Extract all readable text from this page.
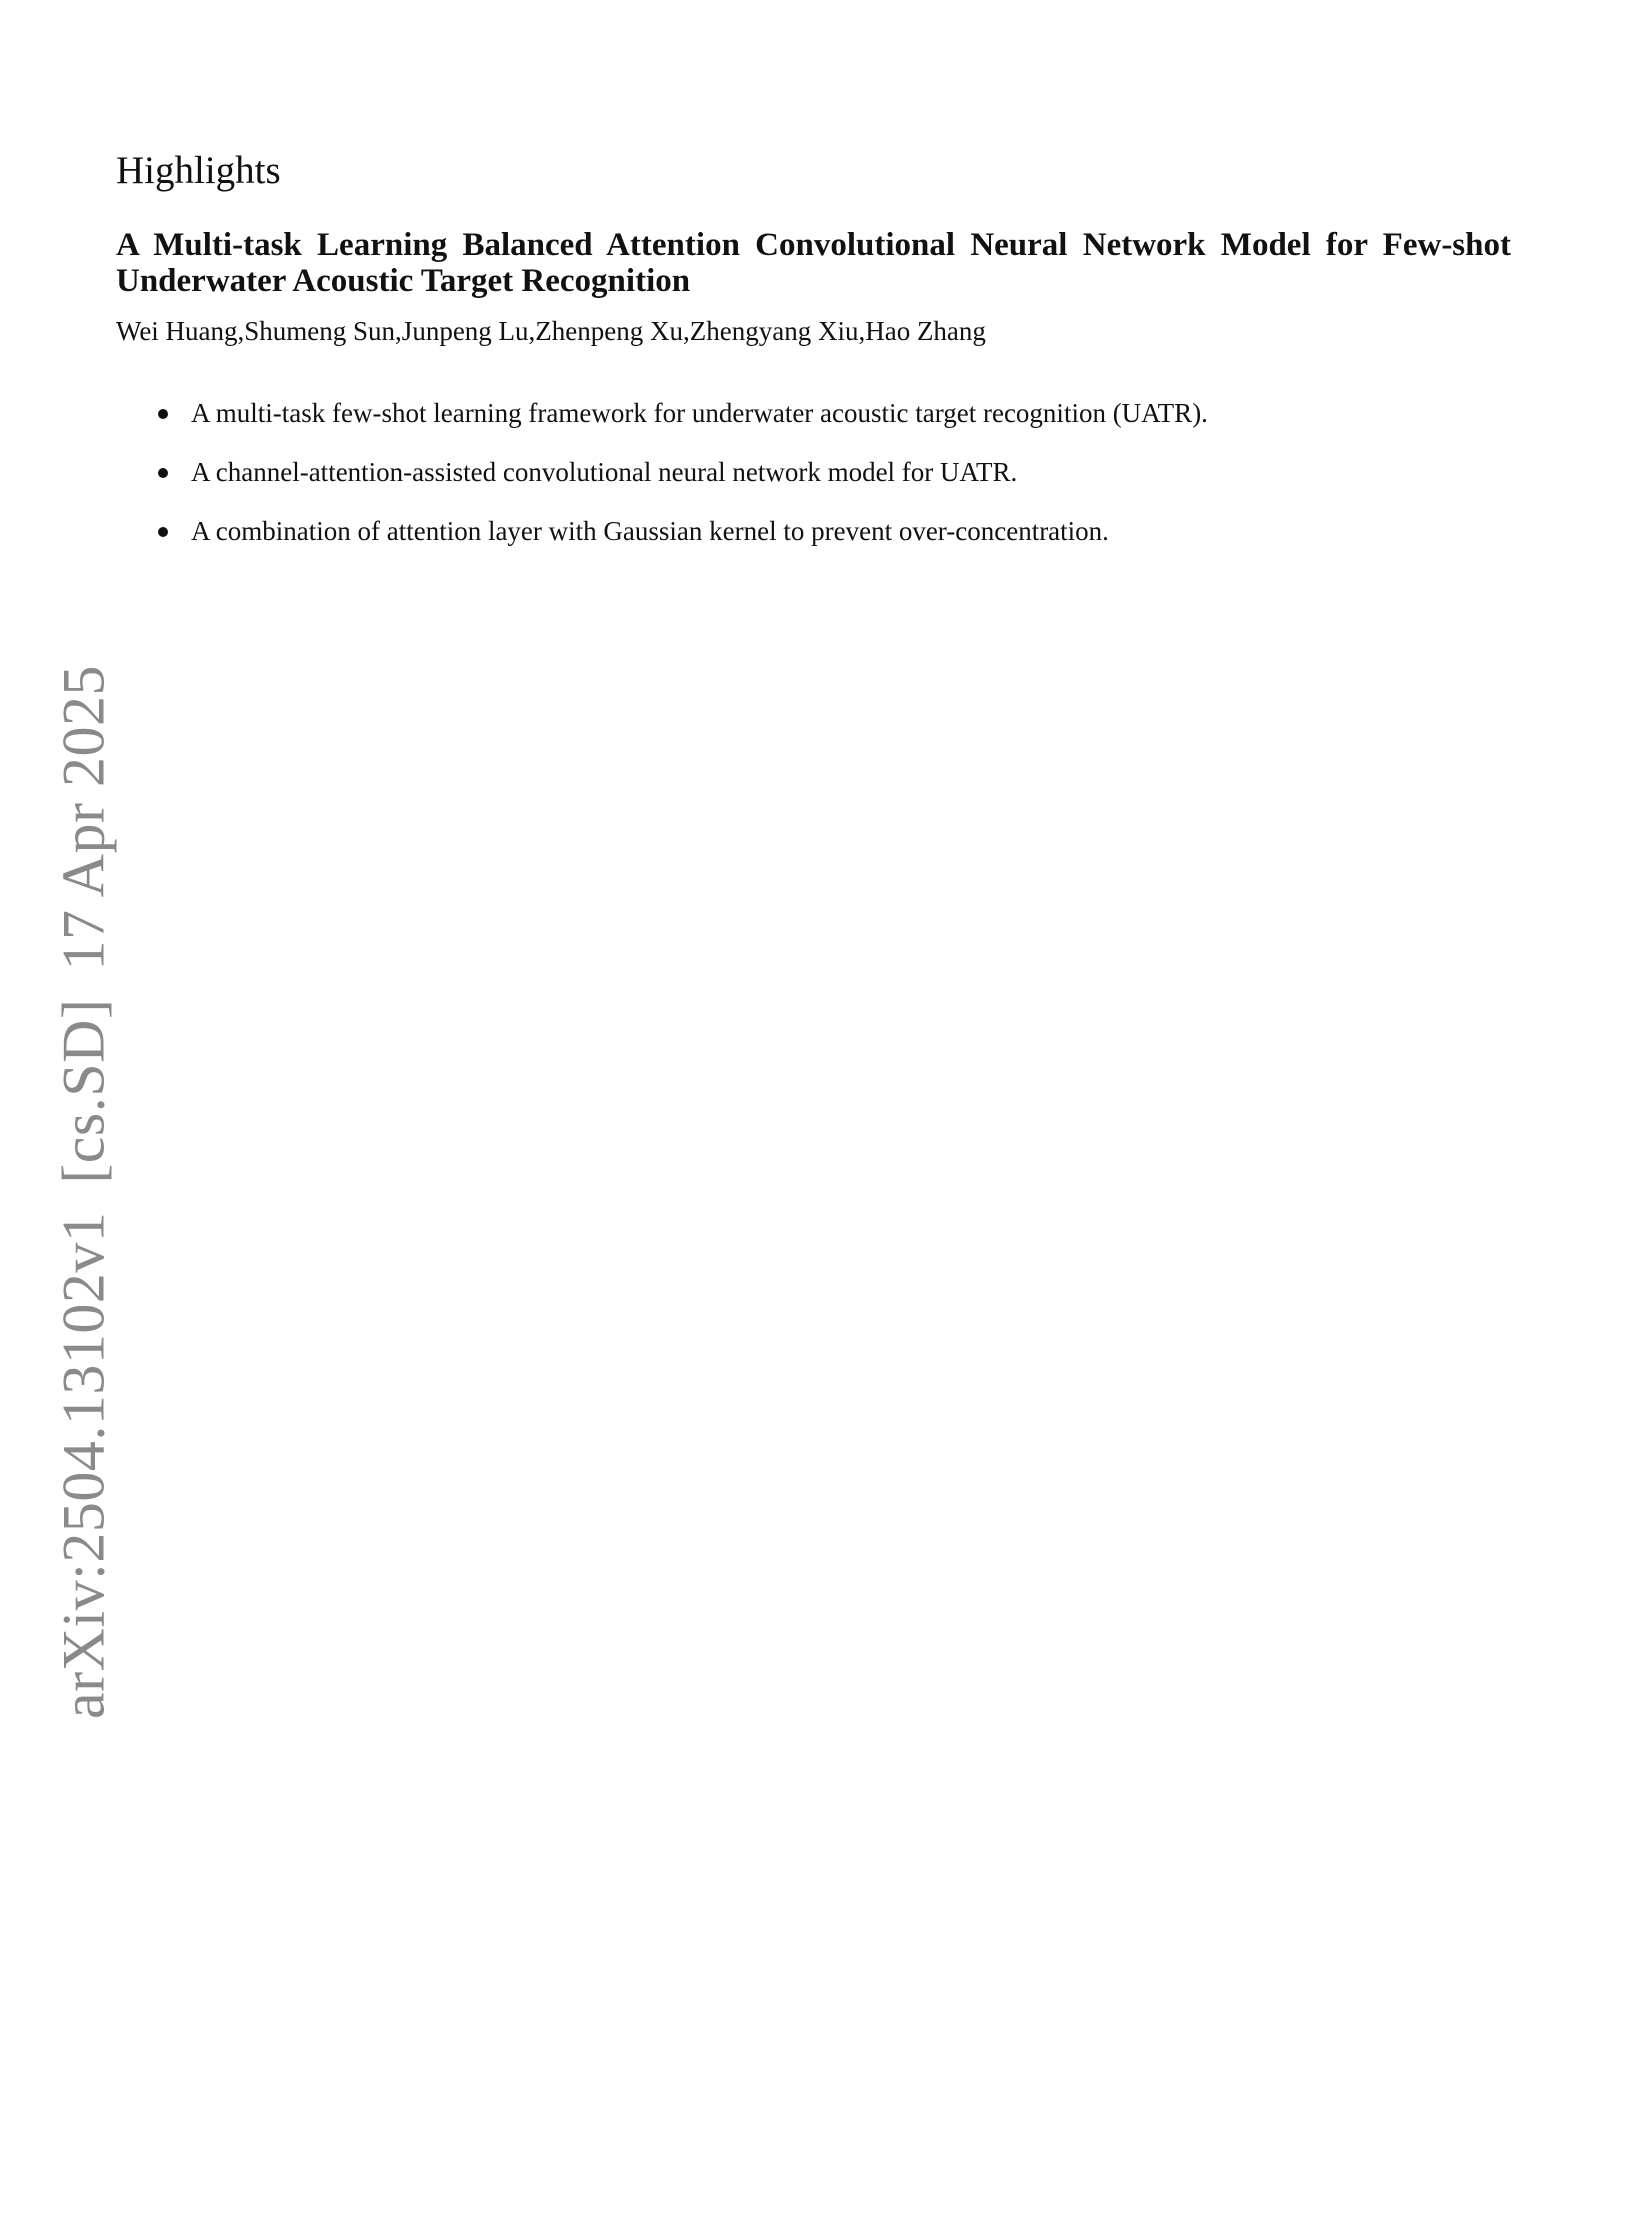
arXiv:2504.13102v1[cs.SD]17 Apr 2025
Highlights
A Multi-task Learning Balanced Attention Convolutional Neural Network Model for Few-shot Underwater Acoustic Target Recognition

Wei Huang,Shumeng Sun,Junpeng Lu,Zhenpeng Xu,Zhengyang Xiu,Hao Zhang

A multi-task few-shot learning framework for underwater acoustic target recognition (UATR).
A channel-attention-assisted convolutional neural network model for UATR.
A combination of attention layer with Gaussian kernel to prevent over-concentration.
